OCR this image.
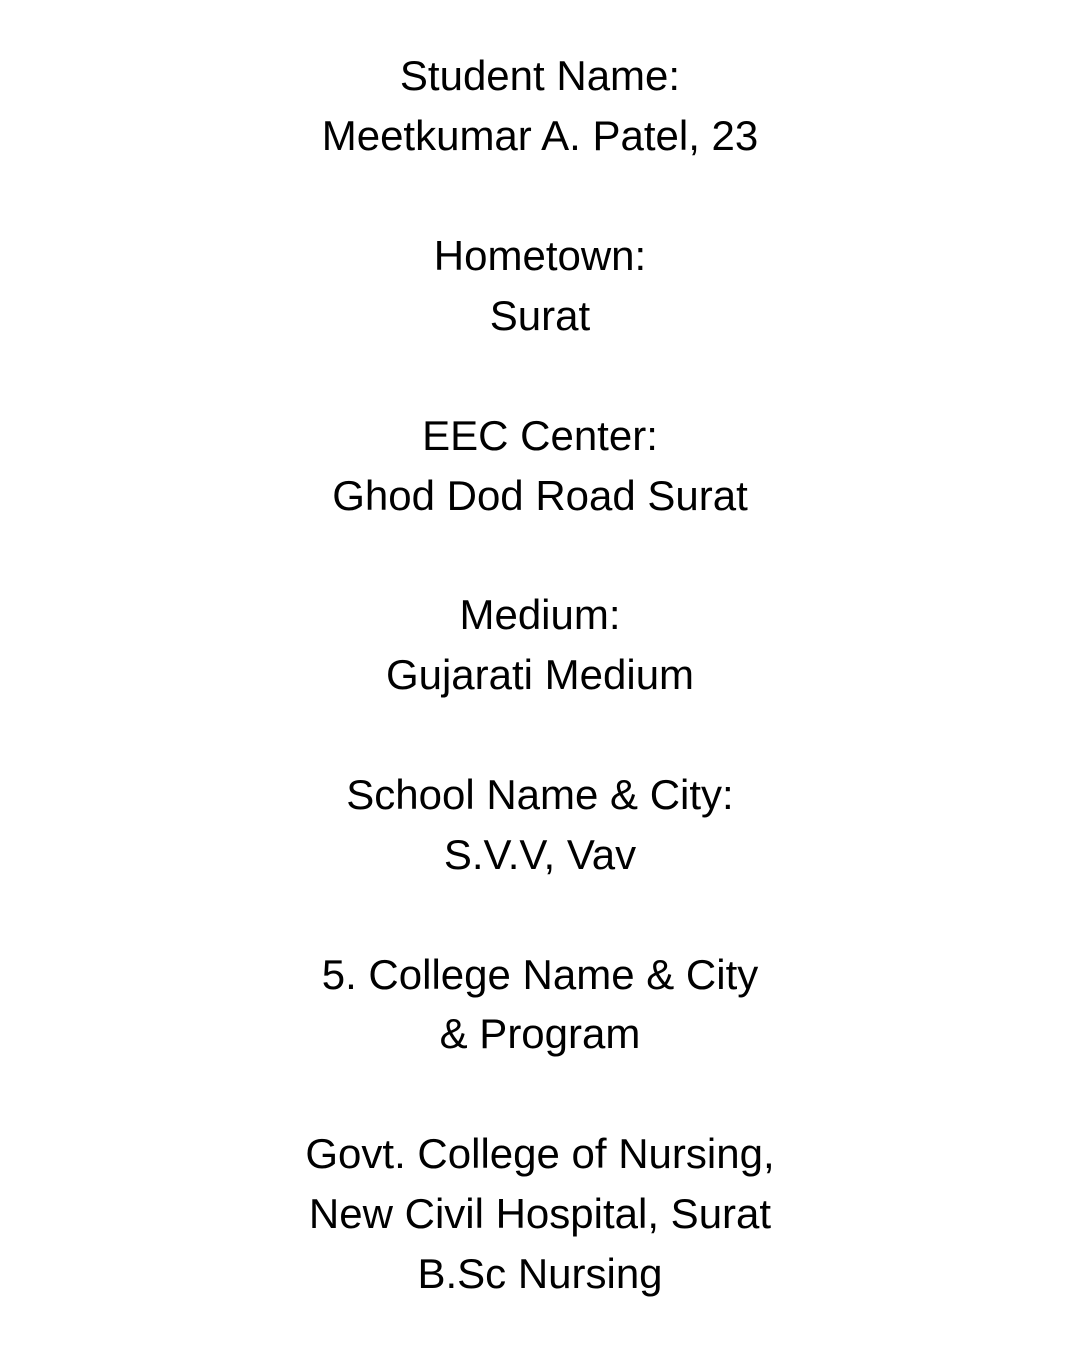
Student Name:
Meetkumar A. Patel, 23
Hometown:
Surat
EEC Center:
Ghod Dod Road Surat
Medium:
Gujarati Medium
School Name & City:
S.V.V, Vav
5. College Name & City
& Program
Govt. College of Nursing,
New Civil Hospital, Surat
B.Sc Nursing
